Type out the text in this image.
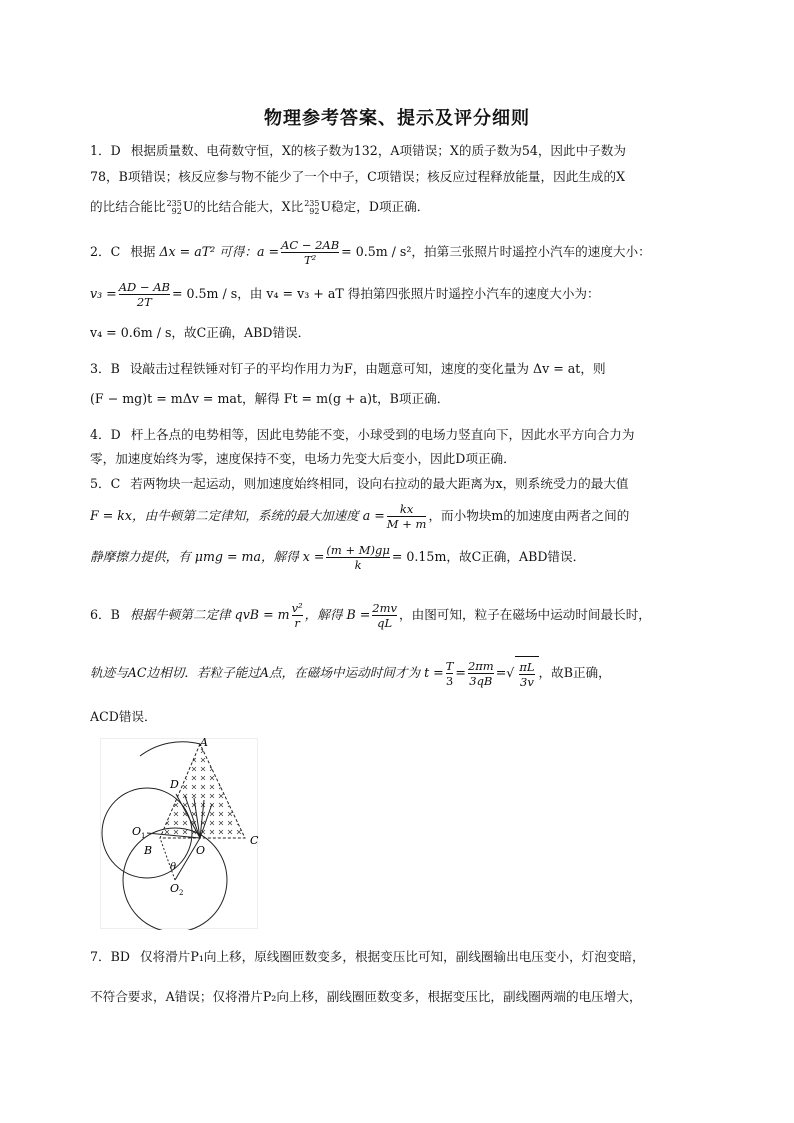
物理参考答案、提示及评分细则
1．D 根据质量数、电荷数守恒，X的核子数为132，A项错误；X的质子数为54，因此中子数为
78，B项错误；核反应参与物不能少了一个中子，C项错误；核反应过程释放能量，因此生成的X
的比结合能比 235
92 U的比结合能大，X比 235
92 U稳定，D项正确．
2．C 根据 Δx = aT² 可得：$a = \frac{AC - 2AB}{\text{T²}} = 0.5m / s^2$，拍第三张照片时遥控小汽车的速度大小：
$v_3 = \frac{AD - AB}{2T} = 0.5m / s$，由 v₄ = v₃ + aT 得拍第四张照片时遥控小汽车的速度大小为：
v₄ = 0.6m / s，故C正确，ABD错误．
3．B 设敲击过程铁锤对钉子的平均作用力为F，由题意可知，速度的变化量为 Δv = at，则
(F − mg)t = mΔv = mat，解得 Ft = m(g + a)t，B项正确．
4．D 杆上各点的电势相等，因此电势能不变，小球受到的电场力竖直向下，因此水平方向合力为
零，加速度始终为零，速度保持不变，电场力先变大后变小，因此D项正确．
5．C 若两物块一起运动，则加速度始终相同，设向右拉动的最大距离为x，则系统受力的最大值
F = kx，由牛顿第二定律知，系统的最大加速度 $a = \frac{kx}{M + m}$ ，而小物块m的加速度由两者之间的
静摩擦力提供，有 μmg = ma，解得 $x = \frac{(m + M)g\mu}{k} = 0.15m$，故C正确，ABD错误．
6．B 根据牛顿第二定律 qvB = m $\frac{\text{v²}}{r}$ ，解得 $B = \frac{2mv}{qL}$ ，由图可知，粒子在磁场中运动时间最长时，
轨迹与AC边相切．若粒子能过A点，在磁场中运动时间才为 $t = \frac{T}{3} = \frac{2\pi m}{3qB}$ =√ $\frac{\pi L}{3v}$ ，故B正确，
ACD错误．
A
C
D
O
B
O 1
O 2
θ
7．BD 仅将滑片P₁向上移，原线圈匝数变多，根据变压比可知，副线圈输出电压变小，灯泡变暗，
不符合要求，A错误；仅将滑片P₂向上移，副线圈匝数变多，根据变压比，副线圈两端的电压增大，
